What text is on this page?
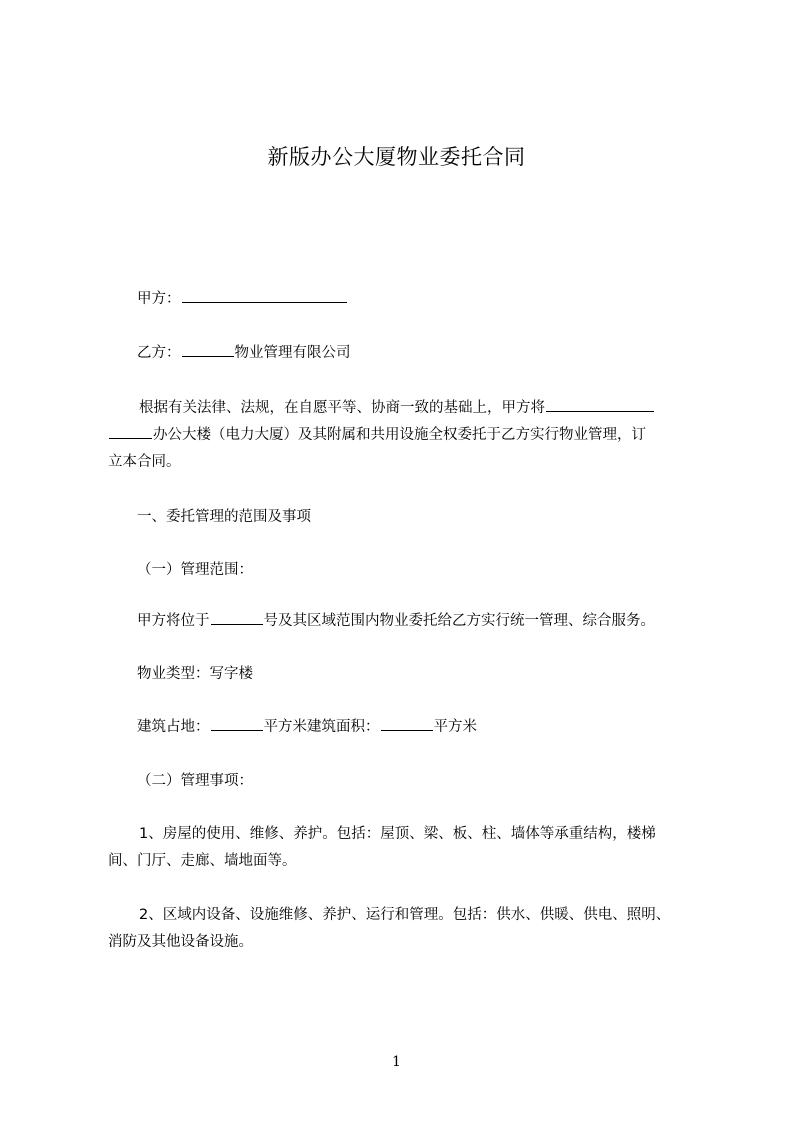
新版办公大厦物业委托合同

甲方：

乙方：	物业管理有限公司

根据有关法律、法规，在自愿平等、协商一致的基础上，甲方将

办公大楼（电力大厦）及其附属和共用设施全权委托于乙方实行物业管理，订

立本合同。

一、委托管理的范围及事项

（一）管理范围：

甲方将位于	号及其区域范围内物业委托给乙方实行统一管理、综合服务。

物业类型：写字楼

建筑占地：	平方米建筑面积：	平方米

（二）管理事项：

1、房屋的使用、维修、养护。包括：屋顶、梁、板、柱、墙体等承重结构，楼梯

间、门厅、走廊、墙地面等。

2、区域内设备、设施维修、养护、运行和管理。包括：供水、供暖、供电、照明、

消防及其他设备设施。

1
